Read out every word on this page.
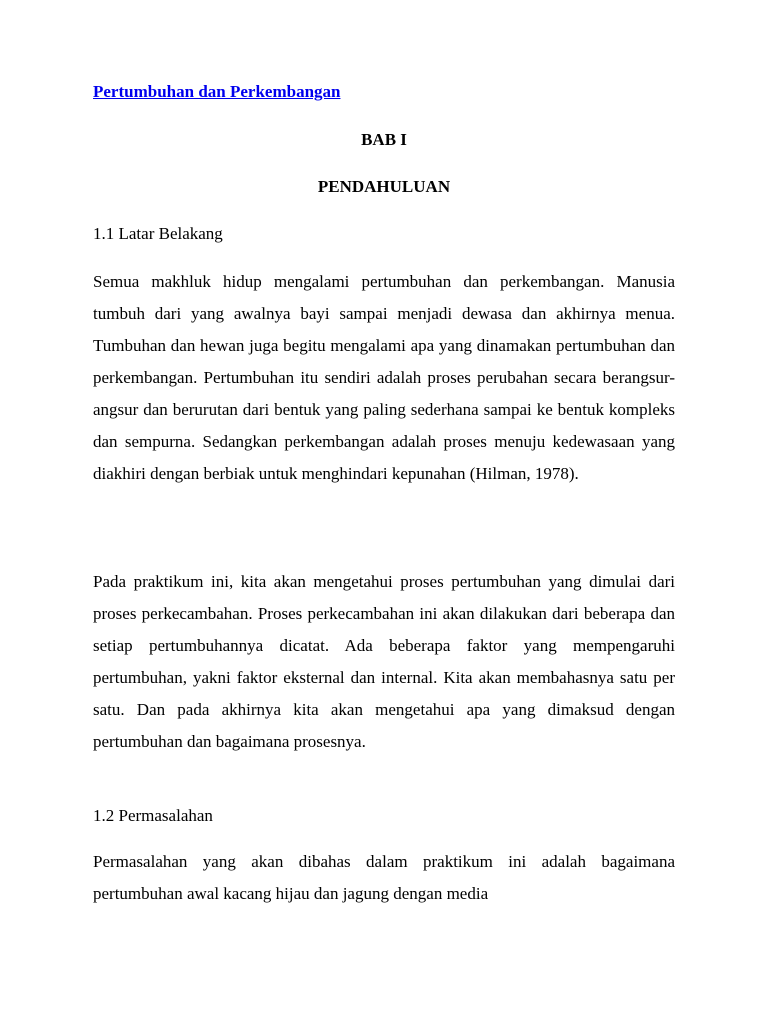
Pertumbuhan dan Perkembangan
BAB I
PENDAHULUAN
1.1 Latar Belakang
Semua makhluk hidup mengalami pertumbuhan dan perkembangan. Manusia tumbuh dari yang awalnya bayi sampai menjadi dewasa dan akhirnya menua. Tumbuhan dan hewan juga begitu mengalami apa yang dinamakan pertumbuhan dan perkembangan. Pertumbuhan itu sendiri adalah proses perubahan secara berangsur-angsur dan berurutan dari bentuk yang paling sederhana sampai ke bentuk kompleks dan sempurna. Sedangkan perkembangan adalah proses menuju kedewasaan yang diakhiri dengan berbiak untuk menghindari kepunahan (Hilman, 1978).
Pada praktikum ini, kita akan mengetahui proses pertumbuhan yang dimulai dari proses perkecambahan. Proses perkecambahan ini akan dilakukan dari beberapa dan setiap pertumbuhannya dicatat. Ada beberapa faktor yang mempengaruhi pertumbuhan, yakni faktor eksternal dan internal. Kita akan membahasnya satu per satu. Dan pada akhirnya kita akan mengetahui apa yang dimaksud dengan pertumbuhan dan bagaimana prosesnya.
1.2 Permasalahan
Permasalahan yang akan dibahas dalam praktikum ini adalah bagaimana pertumbuhan awal kacang hijau dan jagung dengan media
